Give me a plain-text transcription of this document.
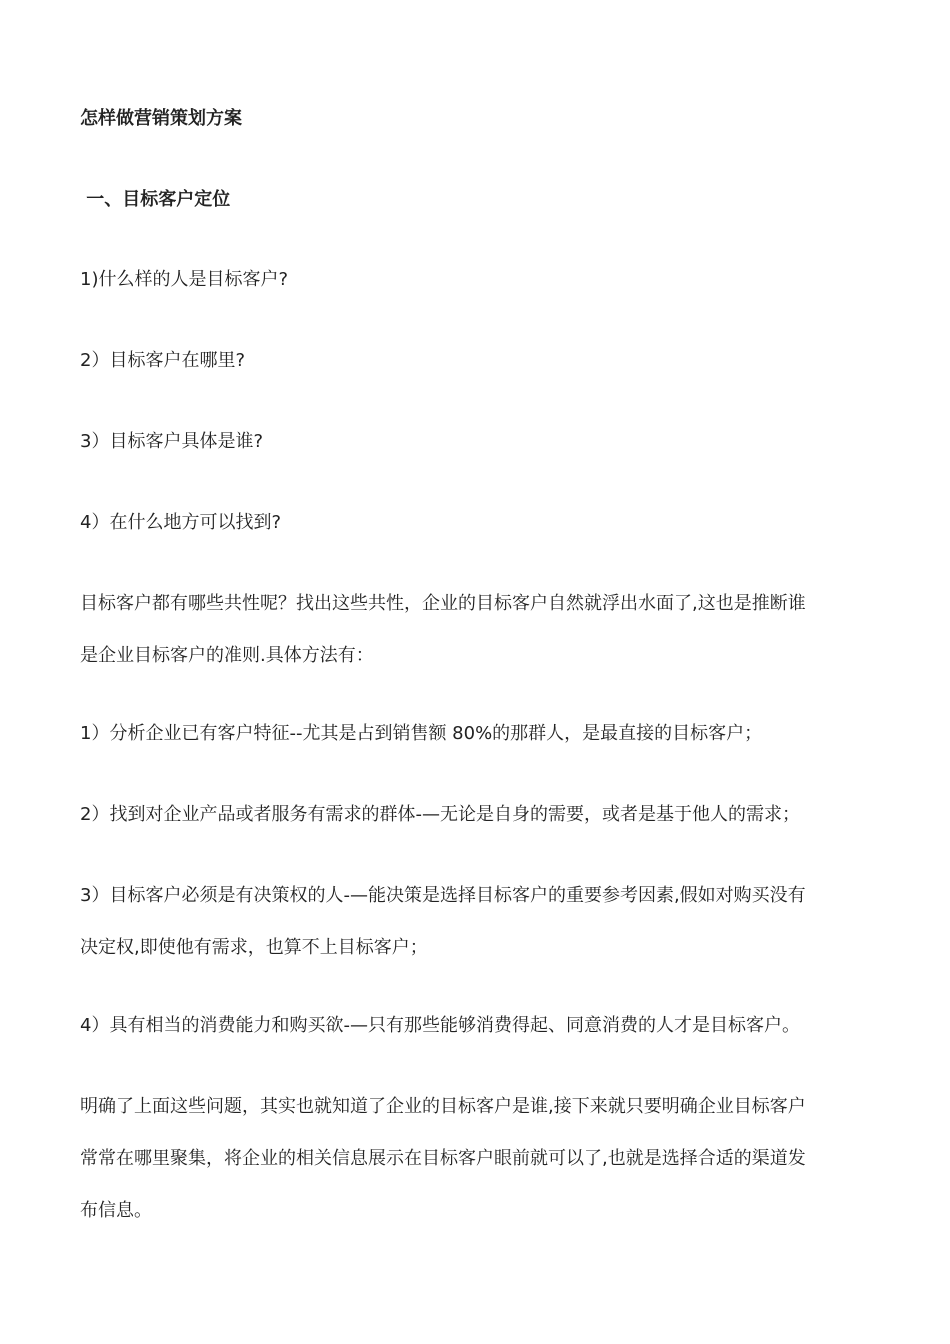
怎样做营销策划方案
一、目标客户定位
1)什么样的人是目标客户?
2）目标客户在哪里?
3）目标客户具体是谁?
4）在什么地方可以找到?
目标客户都有哪些共性呢？找出这些共性，企业的目标客户自然就浮出水面了,这也是推断谁
是企业目标客户的准则.具体方法有：
1）分析企业已有客户特征--尤其是占到销售额 80%的那群人，是最直接的目标客户；
2）找到对企业产品或者服务有需求的群体-—无论是自身的需要，或者是基于他人的需求；
3）目标客户必须是有决策权的人-—能决策是选择目标客户的重要参考因素,假如对购买没有
决定权,即使他有需求，也算不上目标客户；
4）具有相当的消费能力和购买欲-—只有那些能够消费得起、同意消费的人才是目标客户。
明确了上面这些问题，其实也就知道了企业的目标客户是谁,接下来就只要明确企业目标客户
常常在哪里聚集，将企业的相关信息展示在目标客户眼前就可以了,也就是选择合适的渠道发
布信息。
